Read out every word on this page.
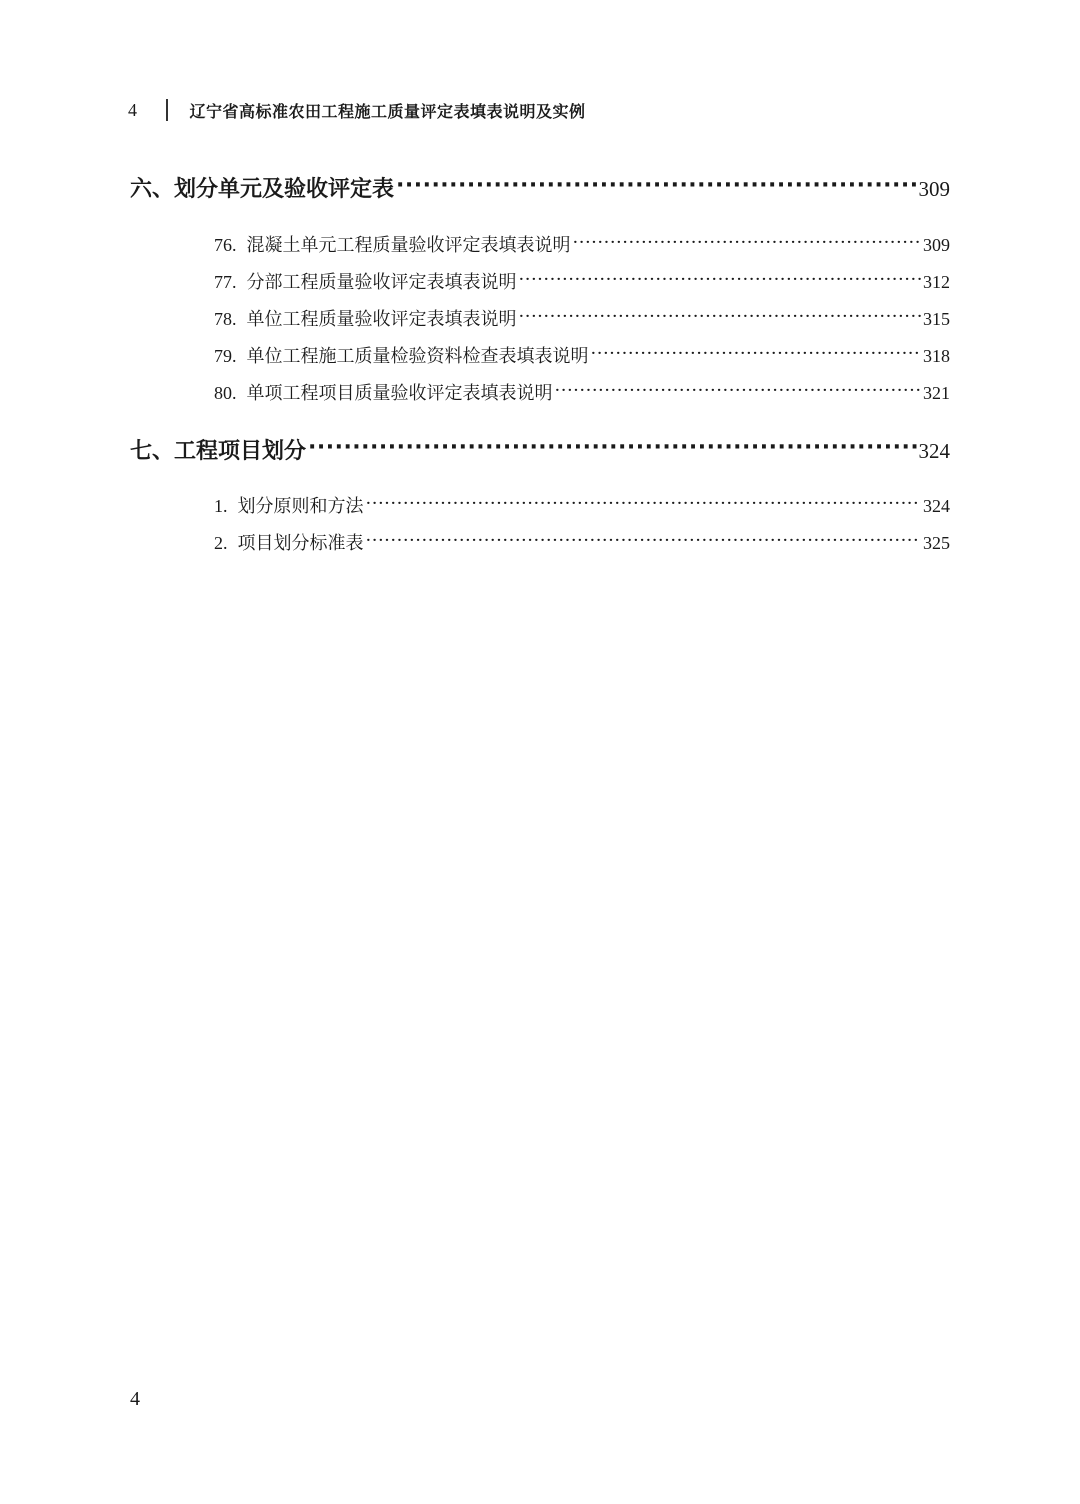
4	辽宁省高标准农田工程施工质量评定表填表说明及实例
六、划分单元及验收评定表 ·····	309
76. 混凝土单元工程质量验收评定表填表说明 ·····	309
77. 分部工程质量验收评定表填表说明 ·····	312
78. 单位工程质量验收评定表填表说明 ·····	315
79. 单位工程施工质量检验资料检查表填表说明 ·····	318
80. 单项工程项目质量验收评定表填表说明 ·····	321
七、工程项目划分 ·····	324
1. 划分原则和方法 ·····	324
2. 项目划分标准表 ·····	325
4
